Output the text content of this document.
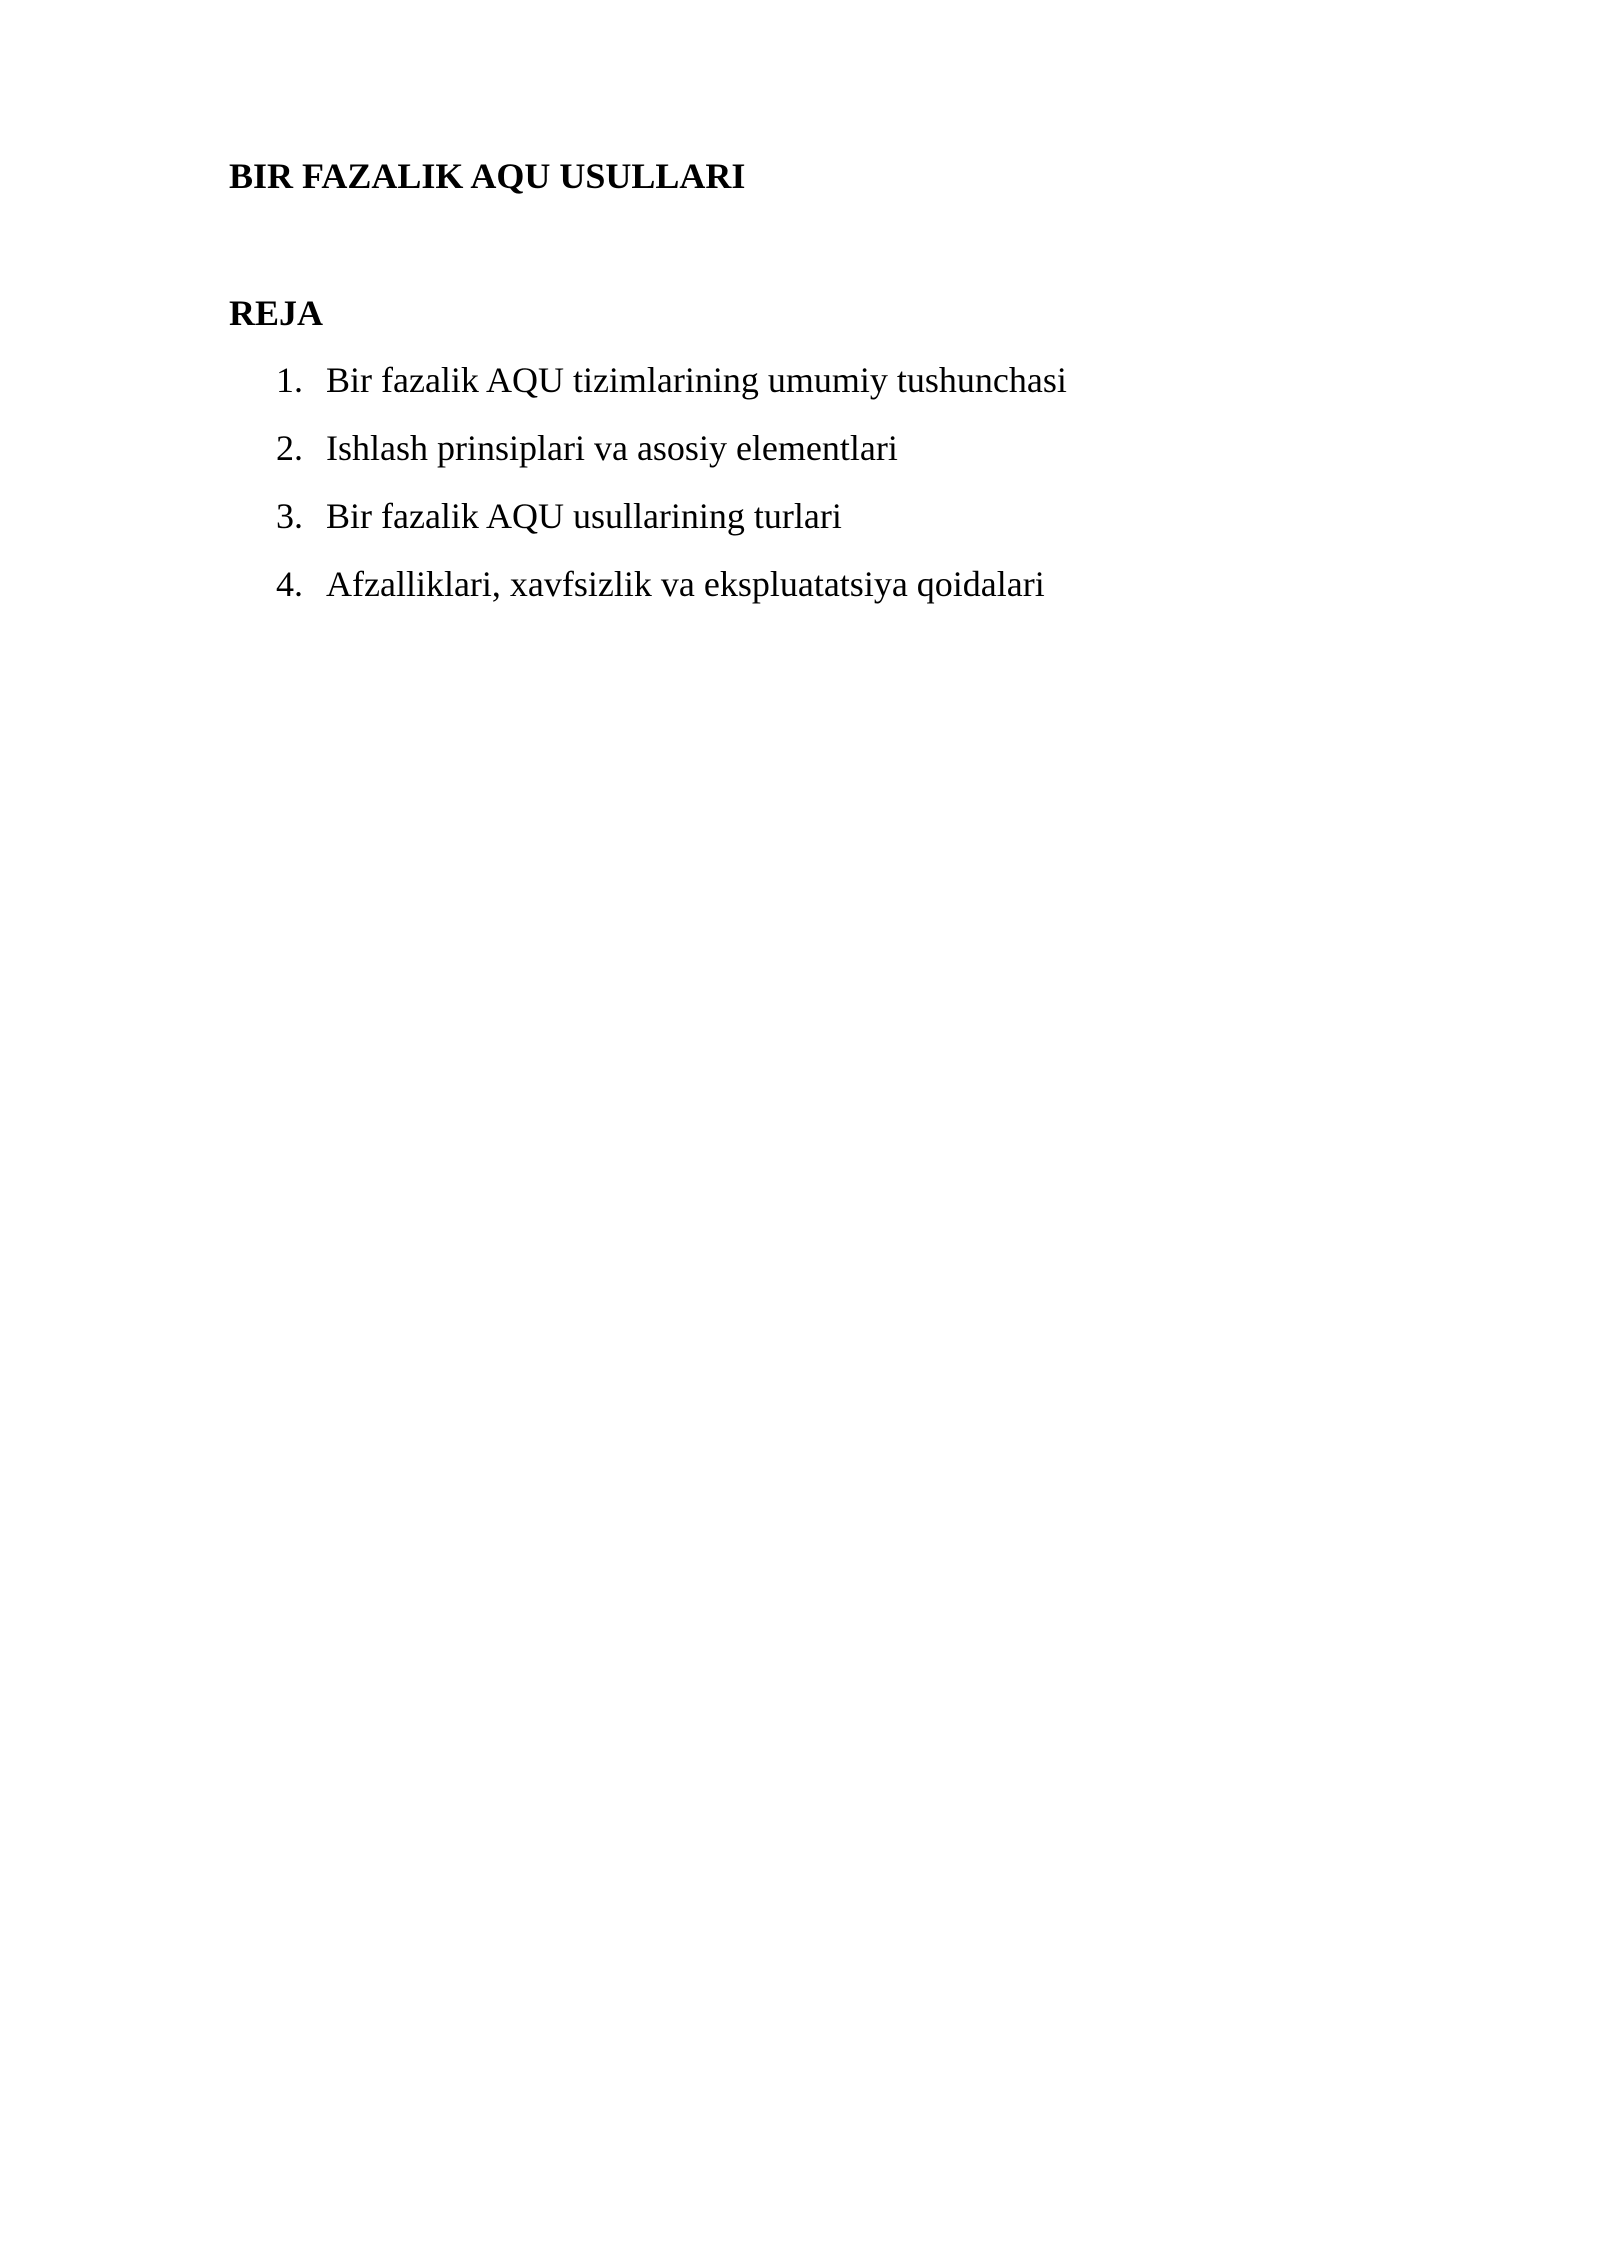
BIR FAZALIK AQU USULLARI
REJA
1. Bir fazalik AQU tizimlarining umumiy tushunchasi
2. Ishlash prinsiplari va asosiy elementlari
3. Bir fazalik AQU usullarining turlari
4. Afzalliklari, xavfsizlik va ekspluatatsiya qoidalari
